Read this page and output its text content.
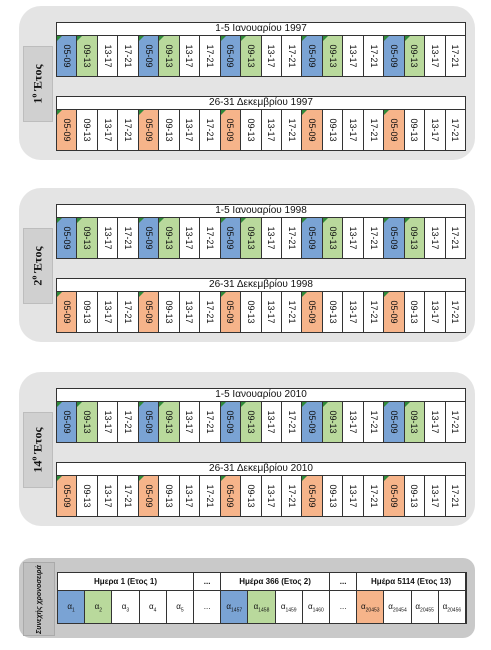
$1^o$ Έτος
1-5 Ιανουαρίου 1997
05-09 09-13 13-17 17-21 05-09 09-13 13-17 17-21 05-09 09-13 13-17 17-21 05-09 09-13 13-17 17-21 05-09 09-13 13-17 17-21
26-31 Δεκεμβρίου 1997
05-09 09-13 13-17 17-21 05-09 09-13 13-17 17-21 05-09 09-13 13-17 17-21 05-09 09-13 13-17 17-21 05-09 09-13 13-17 17-21
$2^o$ Έτος
1-5 Ιανουαρίου 1998
05-09 09-13 13-17 17-21 05-09 09-13 13-17 17-21 05-09 09-13 13-17 17-21 05-09 09-13 13-17 17-21 05-09 09-13 13-17 17-21
26-31 Δεκεμβρίου 1998
05-09 09-13 13-17 17-21 05-09 09-13 13-17 17-21 05-09 09-13 13-17 17-21 05-09 09-13 13-17 17-21 05-09 09-13 13-17 17-21
$14^o$ Έτος
1-5 Ιανουαρίου 2010
05-09 09-13 13-17 17-21 05-09 09-13 13-17 17-21 05-09 09-13 13-17 17-21 05-09 09-13 13-17 17-21 05-09 09-13 13-17 17-21
26-31 Δεκεμβρίου 2010
05-09 09-13 13-17 17-21 05-09 09-13 13-17 17-21 05-09 09-13 13-17 17-21 05-09 09-13 13-17 17-21 05-09 09-13 13-17 17-21
Συνεχής χρονοσειρά	Ημερα 1 (Ετος 1)	...	Ημέρα 366 (Ετος 2)	...	Ημέρα 5114 (Ετος 13)
$\alpha_1$	$\alpha_2$	$\alpha_3$	$\alpha_4$	$\alpha_5$	...	$\alpha_{1457}$	$\alpha_{1458}$	$\alpha_{1459}$	$\alpha_{1460}$	...	$\alpha_{20453}$	$\alpha_{20454}$	$\alpha_{20455}$	$\alpha_{20456}$
